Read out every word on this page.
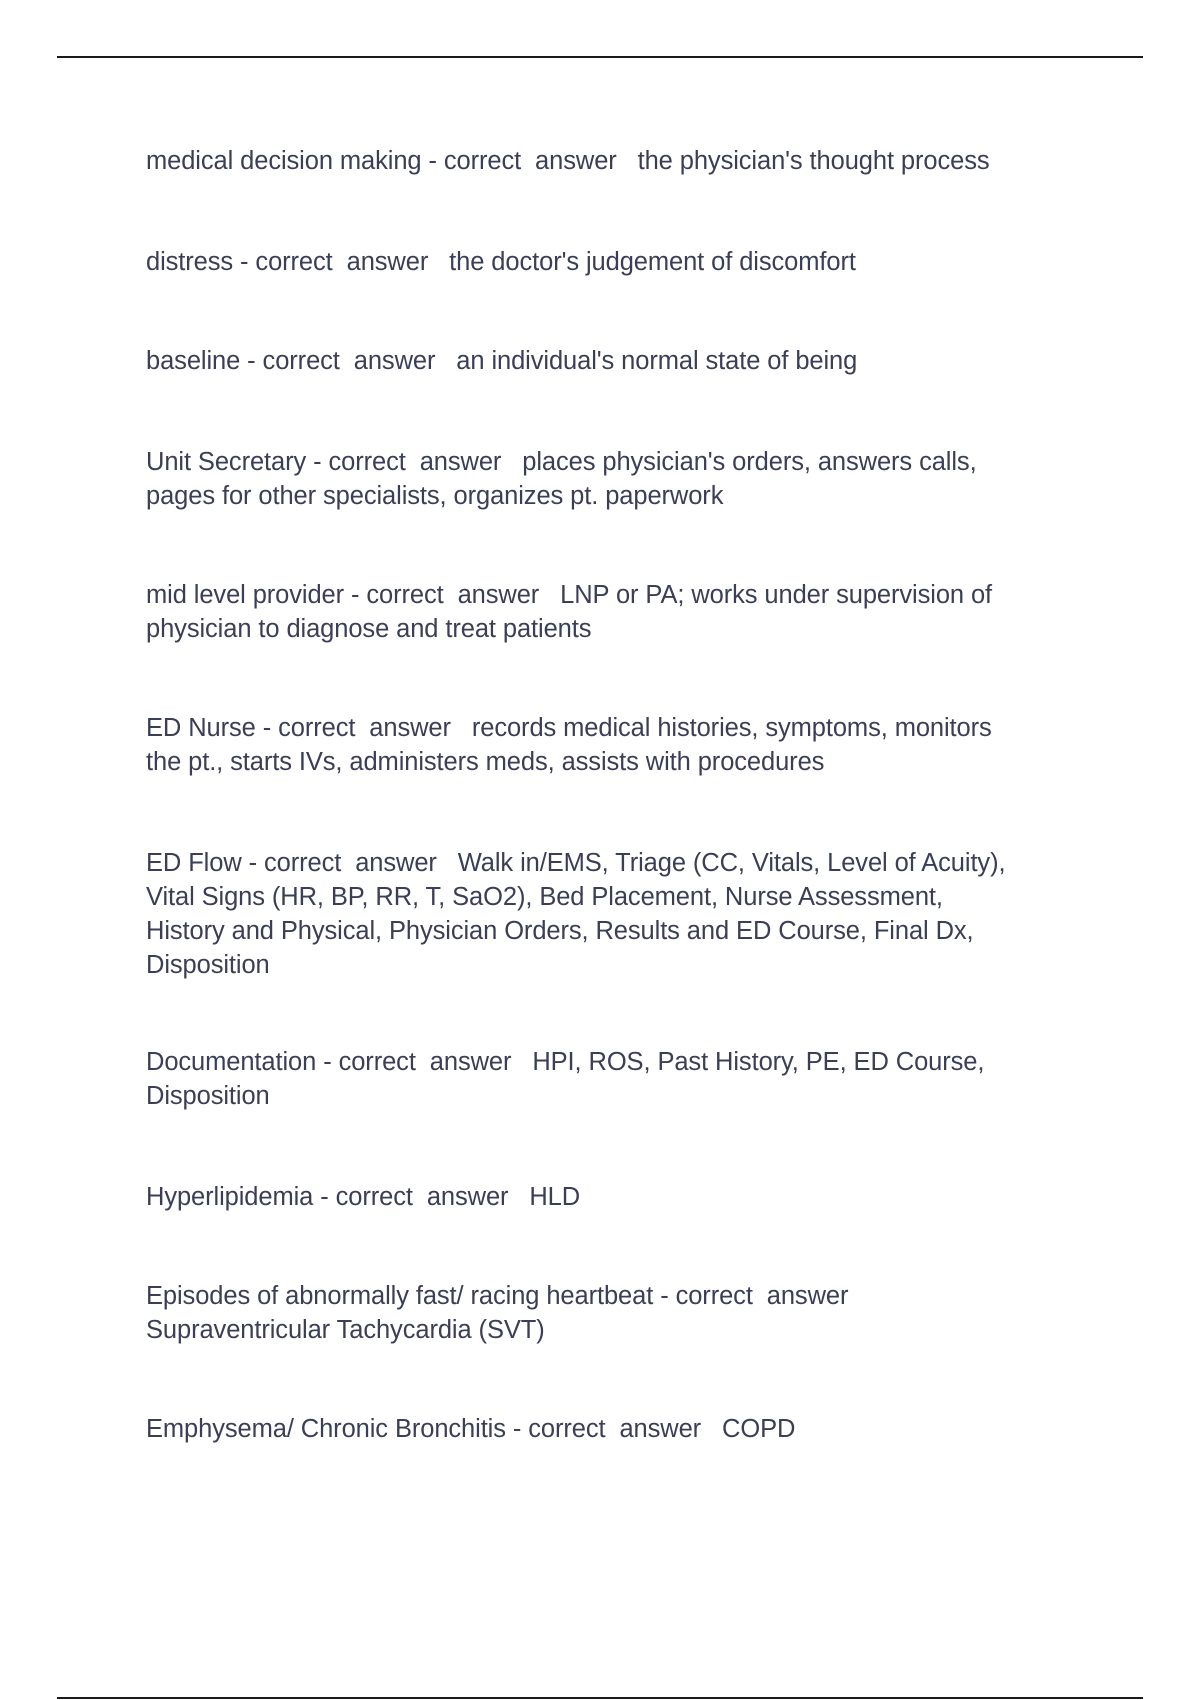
medical decision making - correct  answer   the physician's thought process

distress - correct  answer   the doctor's judgement of discomfort

baseline - correct  answer   an individual's normal state of being

Unit Secretary - correct  answer   places physician's orders, answers calls,
pages for other specialists, organizes pt. paperwork

mid level provider - correct  answer   LNP or PA; works under supervision of
physician to diagnose and treat patients

ED Nurse - correct  answer   records medical histories, symptoms, monitors
the pt., starts IVs, administers meds, assists with procedures

ED Flow - correct  answer   Walk in/EMS, Triage (CC, Vitals, Level of Acuity),
Vital Signs (HR, BP, RR, T, SaO2), Bed Placement, Nurse Assessment,
History and Physical, Physician Orders, Results and ED Course, Final Dx,
Disposition

Documentation - correct  answer   HPI, ROS, Past History, PE, ED Course,
Disposition

Hyperlipidemia - correct  answer   HLD

Episodes of abnormally fast/ racing heartbeat - correct  answer
Supraventricular Tachycardia (SVT)

Emphysema/ Chronic Bronchitis - correct  answer   COPD
